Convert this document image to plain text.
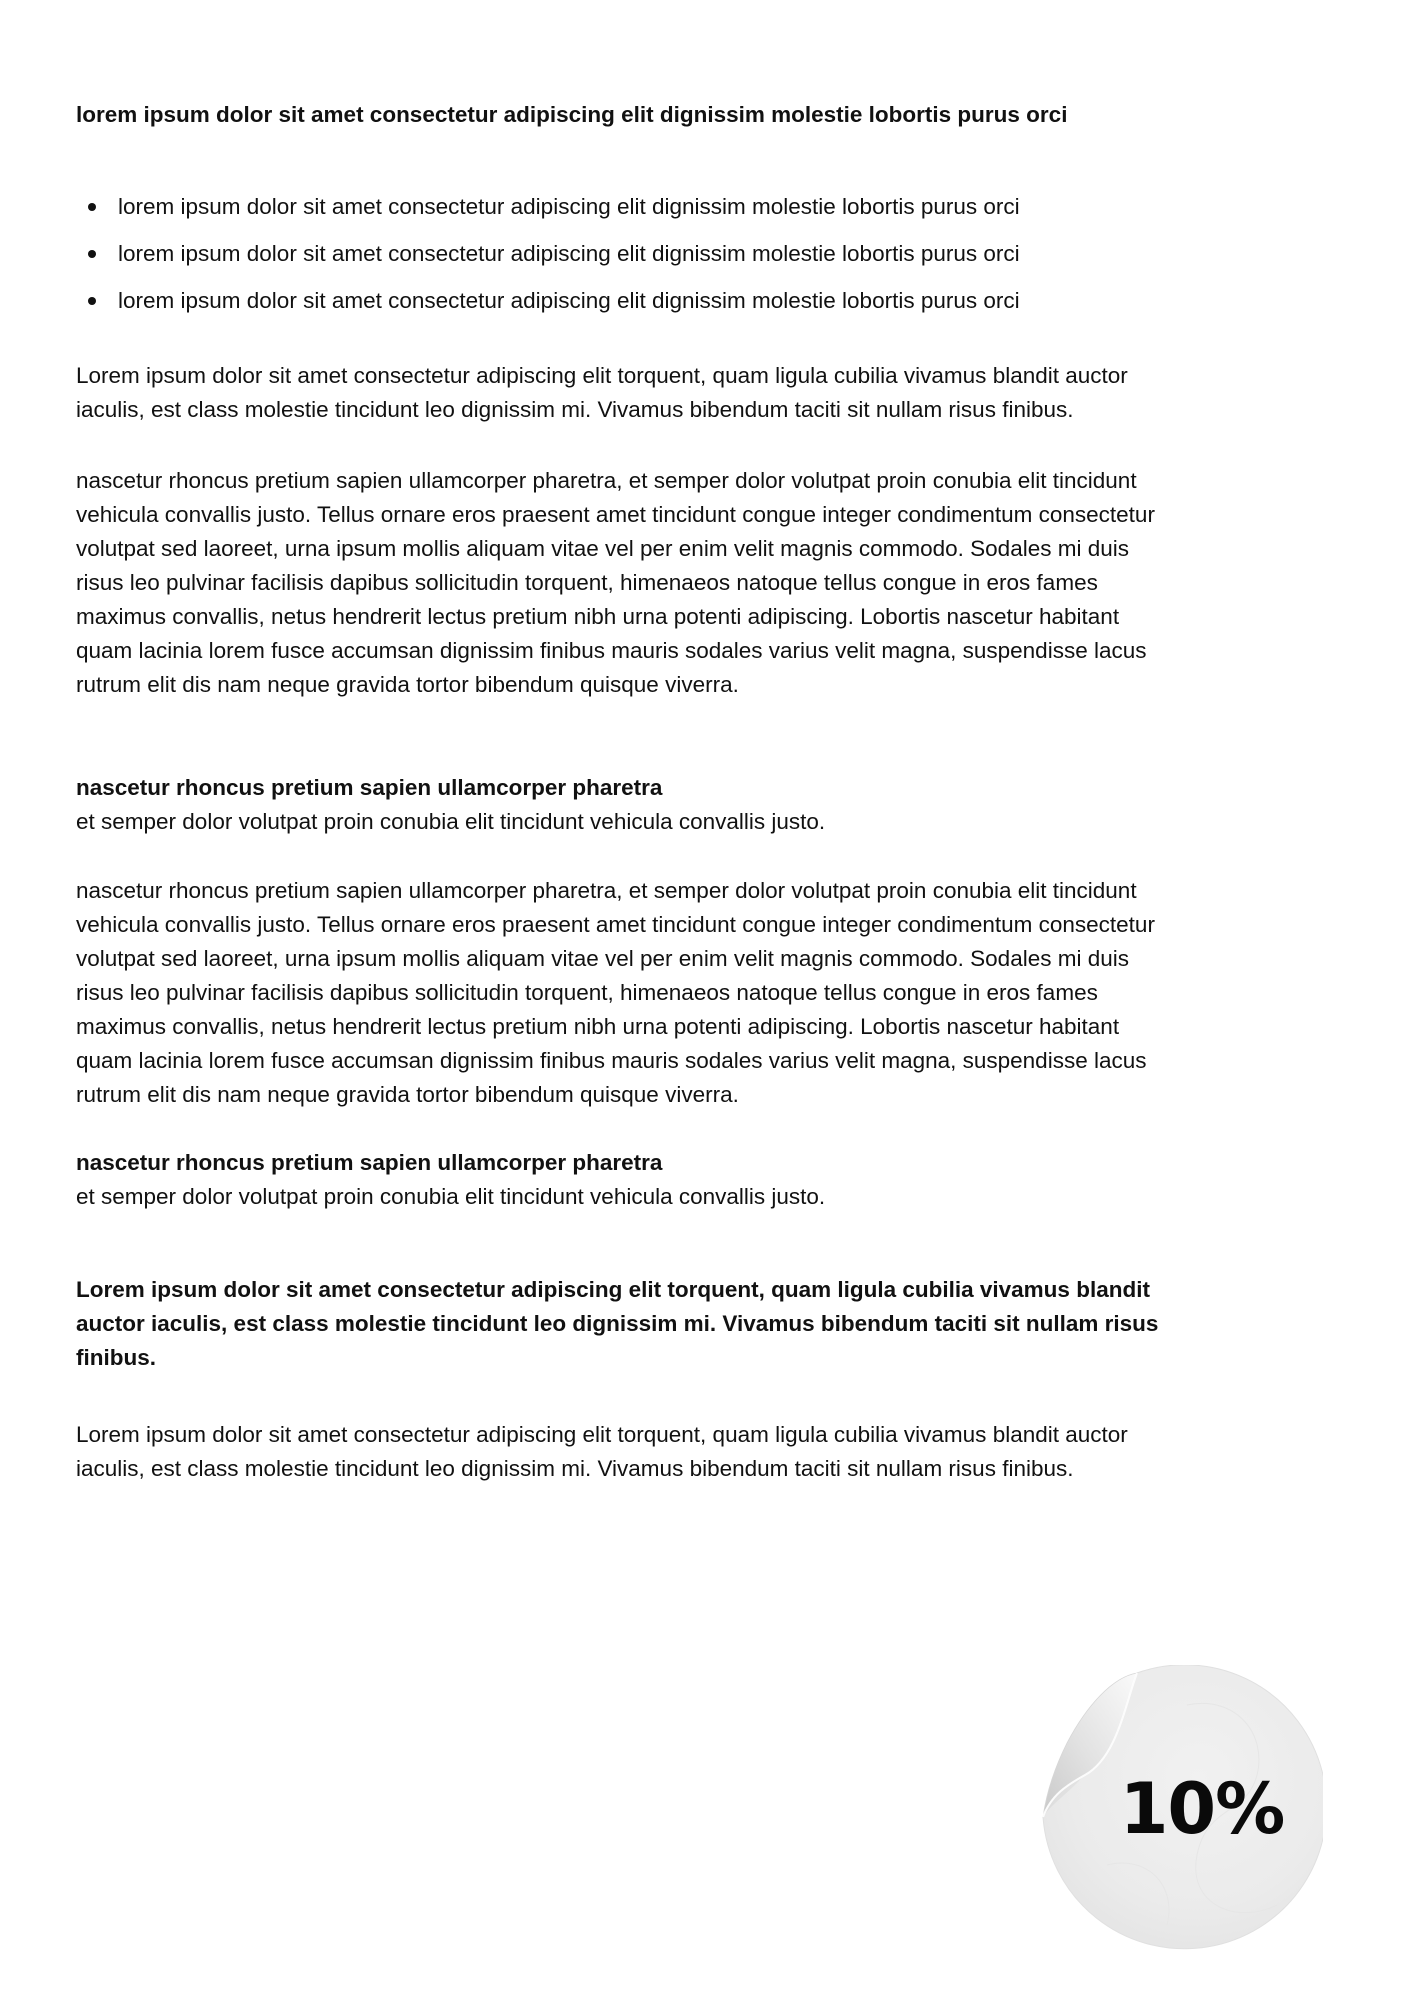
lorem ipsum dolor sit amet consectetur adipiscing elit dignissim molestie lobortis purus orci
lorem ipsum dolor sit amet consectetur adipiscing elit dignissim molestie lobortis purus orci
lorem ipsum dolor sit amet consectetur adipiscing elit dignissim molestie lobortis purus orci
lorem ipsum dolor sit amet consectetur adipiscing elit dignissim molestie lobortis purus orci
Lorem ipsum dolor sit amet consectetur adipiscing elit torquent, quam ligula cubilia vivamus blandit auctor
iaculis, est class molestie tincidunt leo dignissim mi. Vivamus bibendum taciti sit nullam risus finibus.
nascetur rhoncus pretium sapien ullamcorper pharetra, et semper dolor volutpat proin conubia elit tincidunt
vehicula convallis justo. Tellus ornare eros praesent amet tincidunt congue integer condimentum consectetur
volutpat sed laoreet, urna ipsum mollis aliquam vitae vel per enim velit magnis commodo. Sodales mi duis
risus leo pulvinar facilisis dapibus sollicitudin torquent, himenaeos natoque tellus congue in eros fames
maximus convallis, netus hendrerit lectus pretium nibh urna potenti adipiscing. Lobortis nascetur habitant
quam lacinia lorem fusce accumsan dignissim finibus mauris sodales varius velit magna, suspendisse lacus
rutrum elit dis nam neque gravida tortor bibendum quisque viverra.
nascetur rhoncus pretium sapien ullamcorper pharetra
et semper dolor volutpat proin conubia elit tincidunt vehicula convallis justo.
nascetur rhoncus pretium sapien ullamcorper pharetra, et semper dolor volutpat proin conubia elit tincidunt
vehicula convallis justo. Tellus ornare eros praesent amet tincidunt congue integer condimentum consectetur
volutpat sed laoreet, urna ipsum mollis aliquam vitae vel per enim velit magnis commodo. Sodales mi duis
risus leo pulvinar facilisis dapibus sollicitudin torquent, himenaeos natoque tellus congue in eros fames
maximus convallis, netus hendrerit lectus pretium nibh urna potenti adipiscing. Lobortis nascetur habitant
quam lacinia lorem fusce accumsan dignissim finibus mauris sodales varius velit magna, suspendisse lacus
rutrum elit dis nam neque gravida tortor bibendum quisque viverra.
nascetur rhoncus pretium sapien ullamcorper pharetra
et semper dolor volutpat proin conubia elit tincidunt vehicula convallis justo.
Lorem ipsum dolor sit amet consectetur adipiscing elit torquent, quam ligula cubilia vivamus blandit
auctor iaculis, est class molestie tincidunt leo dignissim mi. Vivamus bibendum taciti sit nullam risus
finibus.
Lorem ipsum dolor sit amet consectetur adipiscing elit torquent, quam ligula cubilia vivamus blandit auctor
iaculis, est class molestie tincidunt leo dignissim mi. Vivamus bibendum taciti sit nullam risus finibus.
10%
